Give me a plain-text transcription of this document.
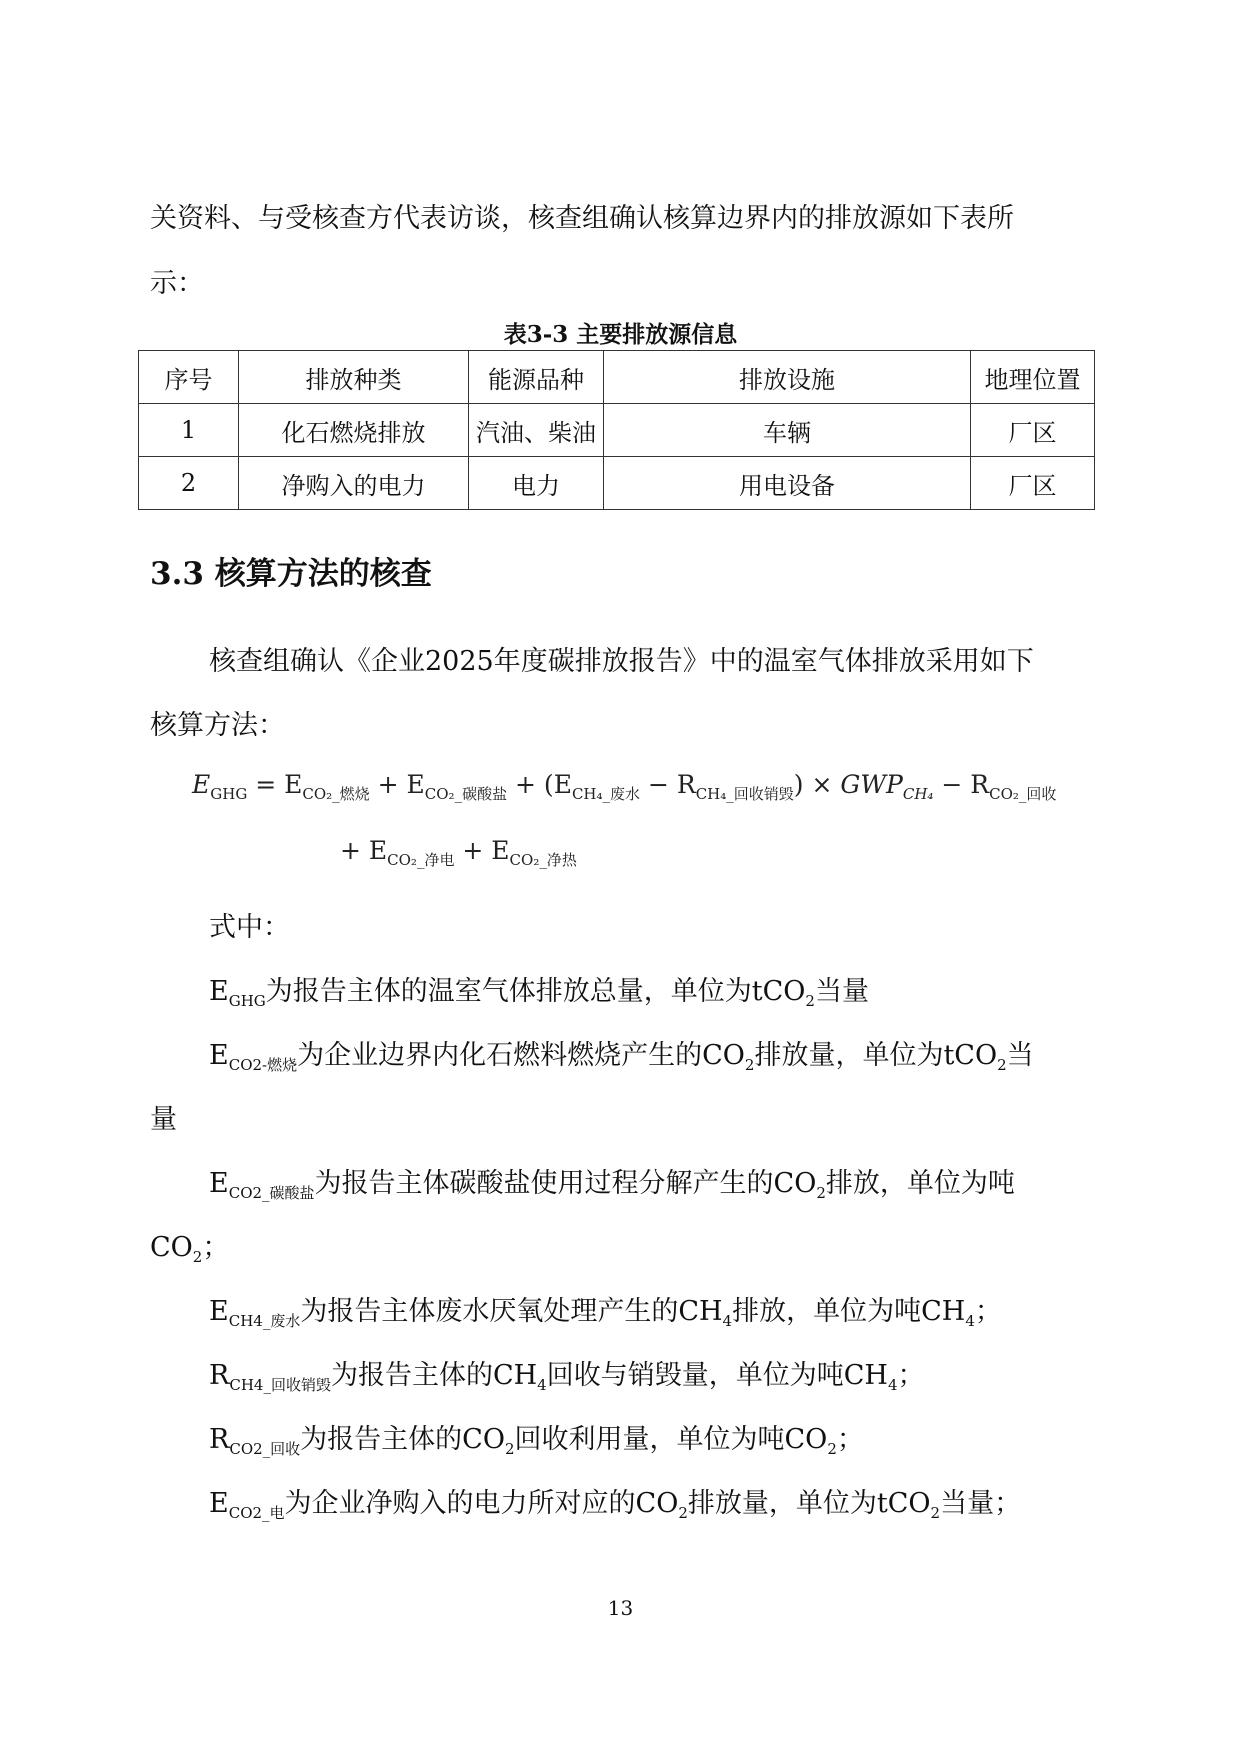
关资料、与受核查方代表访谈，核查组确认核算边界内的排放源如下表所
示：
表3-3 主要排放源信息
序号	排放种类	能源品种	排放设施	地理位置
1	化石燃烧排放	汽油、柴油	车辆	厂区
2	净购入的电力	电力	用电设备	厂区
3.3 核算方法的核查
核查组确认《企业2025年度碳排放报告》中的温室气体排放采用如下
核算方法：
$E_{GHG} = E_{CO_2\_燃烧} + E_{CO_2\_碳酸盐} + (E_{CH_4\_废水} - R_{CH_4\_回收销毁}) \times GWP_{CH_4} - R_{CO_2\_回收}$
+ $E_{CO_2\_净电} + E_{CO_2\_净热}$
式中：
$E_{GHG}$为报告主体的温室气体排放总量，单位为tCO$_2$当量
$E_{CO2-燃烧}$为企业边界内化石燃料燃烧产生的$CO_2$排放量，单位为tCO$_2$当
量
$E_{CO2\_碳酸盐}$为报告主体碳酸盐使用过程分解产生的$CO_2$排放，单位为吨
$CO_2$；
$E_{CH4\_废水}$为报告主体废水厌氧处理产生的$CH_4$排放，单位为吨$CH_4$；
$R_{CH4\_回收销毁}$为报告主体的$CH_4$回收与销毁量，单位为吨$CH_4$；
$R_{CO2\_回收}$为报告主体的$CO_2$回收利用量，单位为吨$CO_2$；
$E_{CO2\_电}$为企业净购入的电力所对应的$CO_2$排放量，单位为tCO$_2$当量；
13
